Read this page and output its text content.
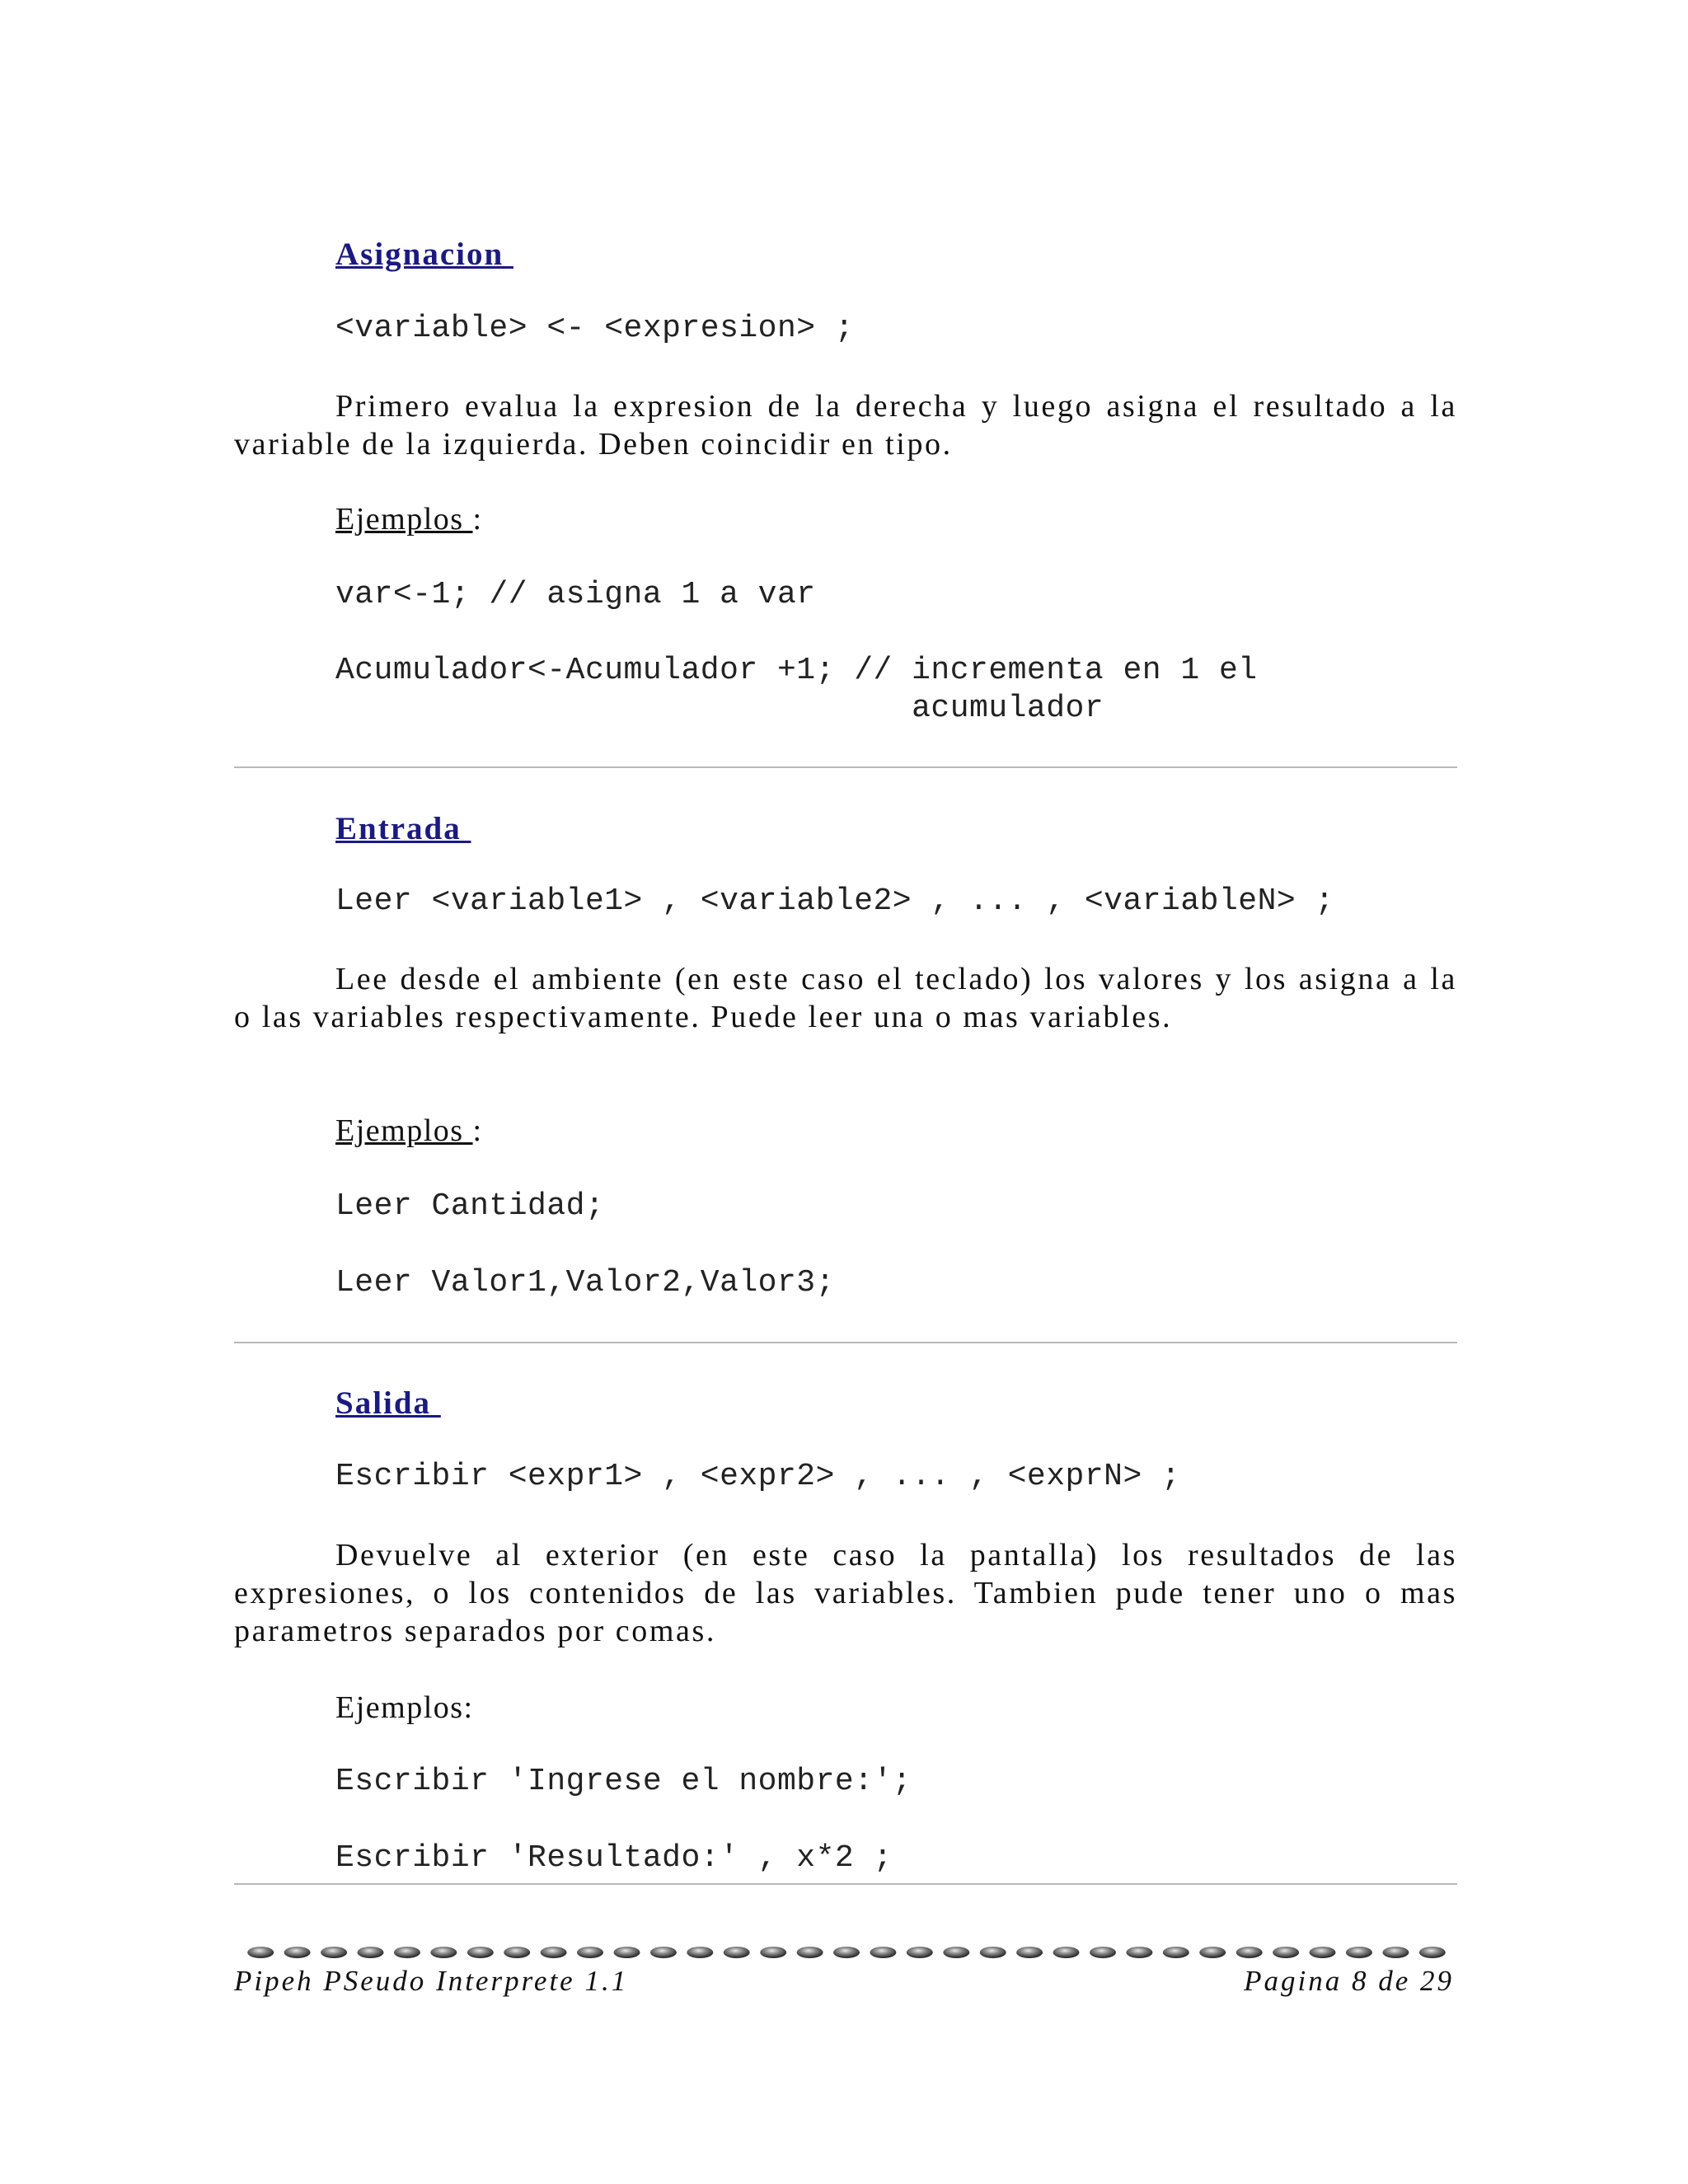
Asignacion
<variable> <- <expresion> ;
Primero evalua la expresion de la derecha y luego asigna el resultado a la variable de la izquierda. Deben coincidir en tipo.
Ejemplos :
var<-1; // asigna 1 a var
Acumulador<-Acumulador +1; // incrementa en 1 el
acumulador
Entrada
Leer <variable1> , <variable2> , ... , <variableN> ;
Lee desde el ambiente (en este caso el teclado) los valores y los asigna a la o las variables respectivamente. Puede leer una o mas variables.
Ejemplos :
Leer Cantidad;
Leer Valor1,Valor2,Valor3;
Salida
Escribir <expr1> , <expr2> , ... , <exprN> ;
Devuelve al exterior (en este caso la pantalla) los resultados de las expresiones, o los contenidos de las variables. Tambien pude tener uno o mas parametros separados por comas.
Ejemplos:
Escribir 'Ingrese el nombre:';
Escribir 'Resultado:' , x*2 ;
Pipeh PSeudo Interprete 1.1	Pagina 8 de 29
